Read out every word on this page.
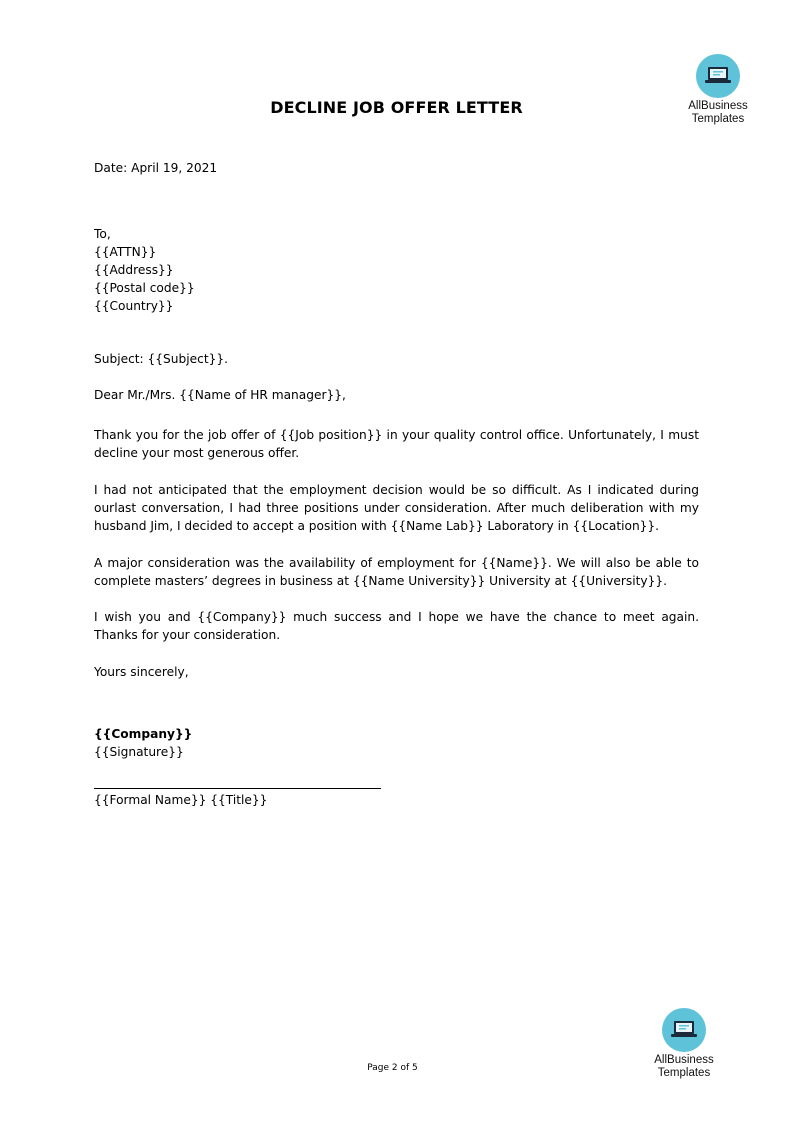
AllBusiness
Templates
DECLINE JOB OFFER LETTER
Date: April 19, 2021
To,
{{ATTN}}
{{Address}}
{{Postal code}}
{{Country}}
Subject: {{Subject}}.
Dear Mr./Mrs. {{Name of HR manager}},
Thank you for the job offer of {{Job position}} in your quality control office. Unfortunately, I must decline your most generous offer.
I had not anticipated that the employment decision would be so difficult. As I indicated during ourlast conversation, I had three positions under consideration. After much deliberation with my husband Jim, I decided to accept a position with {{Name Lab}} Laboratory in {{Location}}.
A major consideration was the availability of employment for {{Name}}. We will also be able to complete masters’ degrees in business at {{Name University}} University at {{University}}.
I wish you and {{Company}} much success and I hope we have the chance to meet again. Thanks for your consideration.
Yours sincerely,
{{Company}}
{{Signature}}
{{Formal Name}} {{Title}}
Page 2 of 5
AllBusiness
Templates
